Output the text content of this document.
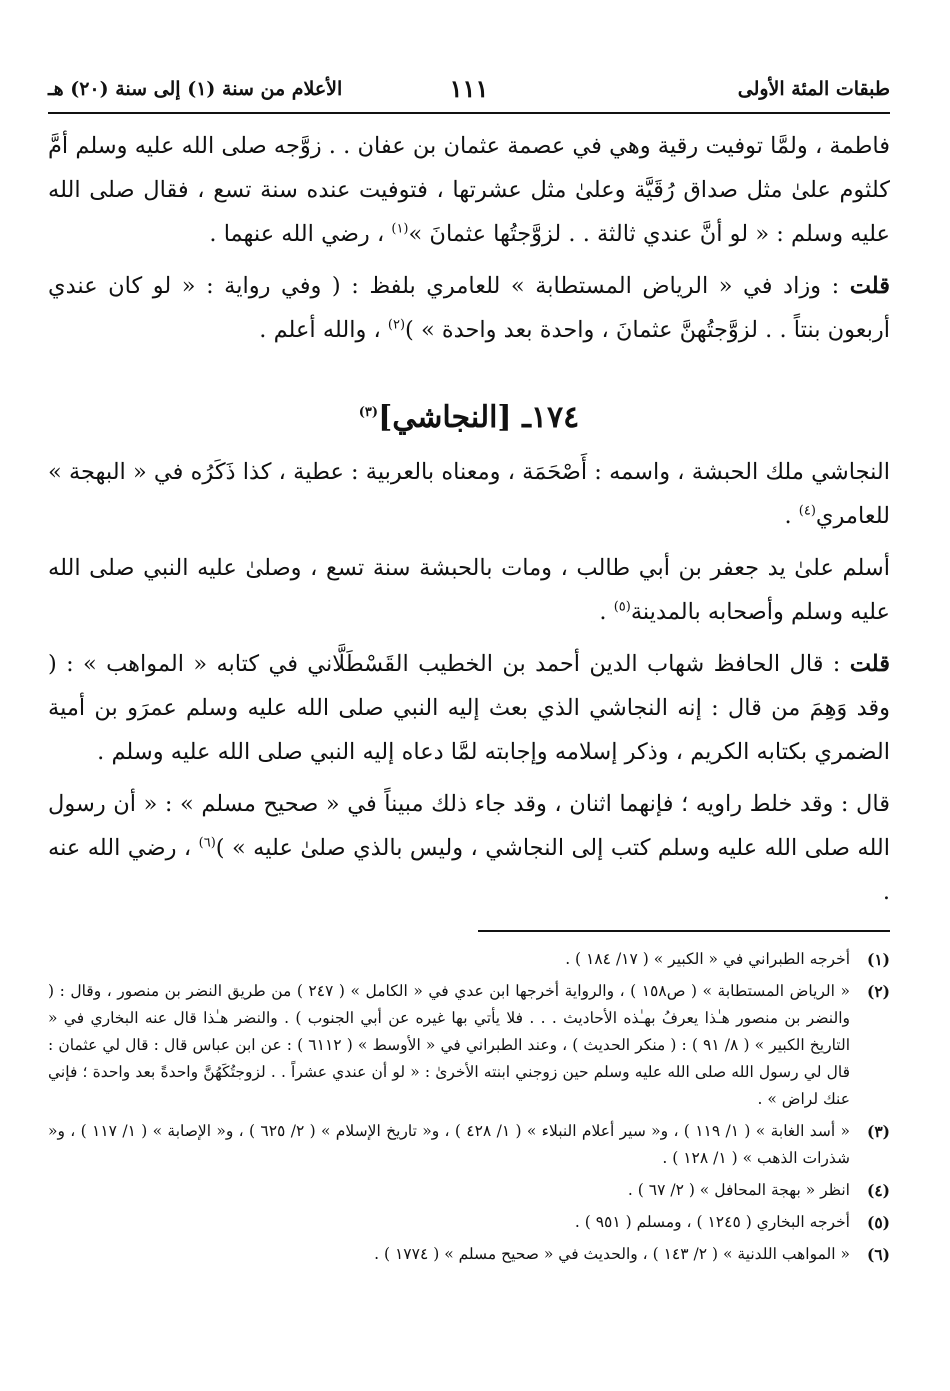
طبقات المئة الأولى
١١١
الأعلام من سنة (١) إلى سنة (٢٠) هـ

فاطمة ، ولمَّا توفيت رقية وهي في عصمة عثمان بن عفان . . زوَّجه صلى الله عليه وسلم أمَّ كلثوم علىٰ مثل صداق رُقَيَّة وعلىٰ مثل عشرتها ، فتوفيت عنده سنة تسع ، فقال صلى الله عليه وسلم : « لو أنَّ عندي ثالثة . . لزوَّجتُها عثمانَ »$^{(١)}$ ، رضي الله عنهما .

قلت : وزاد في « الرياض المستطابة » للعامري بلفظ : ( وفي رواية : « لو كان عندي أربعون بنتاً . . لزوَّجتُهنَّ عثمانَ ، واحدة بعد واحدة » )$^{(٢)}$ ، والله أعلم .

١٧٤ـ [النجاشي]$^{(٣)}$

النجاشي ملك الحبشة ، واسمه : أَصْحَمَة ، ومعناه بالعربية : عطية ، كذا ذَكَرُه في « البهجة » للعامري$^{(٤)}$ .

أسلم علىٰ يد جعفر بن أبي طالب ، ومات بالحبشة سنة تسع ، وصلىٰ عليه النبي صلى الله عليه وسلم وأصحابه بالمدينة$^{(٥)}$ .

قلت : قال الحافظ شهاب الدين أحمد بن الخطيب القَسْطَلَّاني في كتابه « المواهب » : ( وقد وَهِمَ من قال : إنه النجاشي الذي بعث إليه النبي صلى الله عليه وسلم عمرَو بن أمية الضمري بكتابه الكريم ، وذكر إسلامه وإجابته لمَّا دعاه إليه النبي صلى الله عليه وسلم .

قال : وقد خلط راويه ؛ فإنهما اثنان ، وقد جاء ذلك مبيناً في « صحيح مسلم » : « أن رسول الله صلى الله عليه وسلم كتب إلى النجاشي ، وليس بالذي صلىٰ عليه » )$^{(٦)}$ ، رضي الله عنه .

(١)
أخرجه الطبراني في « الكبير » ( ١٧/ ١٨٤ ) .
(٢)
« الرياض المستطابة » ( ص١٥٨ ) ، والرواية أخرجها ابن عدي في « الكامل » ( ٢٤٧ ) من طريق النضر بن منصور ، وقال : ( والنضر بن منصور هـٰذا يعرفُ بهـٰذه الأحاديث . . . فلا يأتي بها غيره عن أبي الجنوب ) . والنضر هـٰذا قال عنه البخاري في « التاريخ الكبير » ( ٨/ ٩١ ) : ( منكر الحديث ) ، وعند الطبراني في « الأوسط » ( ٦١١٢ ) : عن ابن عباس قال : قال لي عثمان : قال لي رسول الله صلى الله عليه وسلم حين زوجني ابنته الأخرىٰ : « لو أن عندي عشراً . . لزوجتُكَهُنَّ واحدةً بعد واحدة ؛ فإني عنك لراض » .
(٣)
« أسد الغابة » ( ١/ ١١٩ ) ، و« سير أعلام النبلاء » ( ١/ ٤٢٨ ) ، و« تاريخ الإسلام » ( ٢/ ٦٢٥ ) ، و« الإصابة » ( ١/ ١١٧ ) ، و« شذرات الذهب » ( ١/ ١٢٨ ) .
(٤)
انظر « بهجة المحافل » ( ٢/ ٦٧ ) .
(٥)
أخرجه البخاري ( ١٢٤٥ ) ، ومسلم ( ٩٥١ ) .
(٦)
« المواهب اللدنية » ( ٢/ ١٤٣ ) ، والحديث في « صحيح مسلم » ( ١٧٧٤ ) .
